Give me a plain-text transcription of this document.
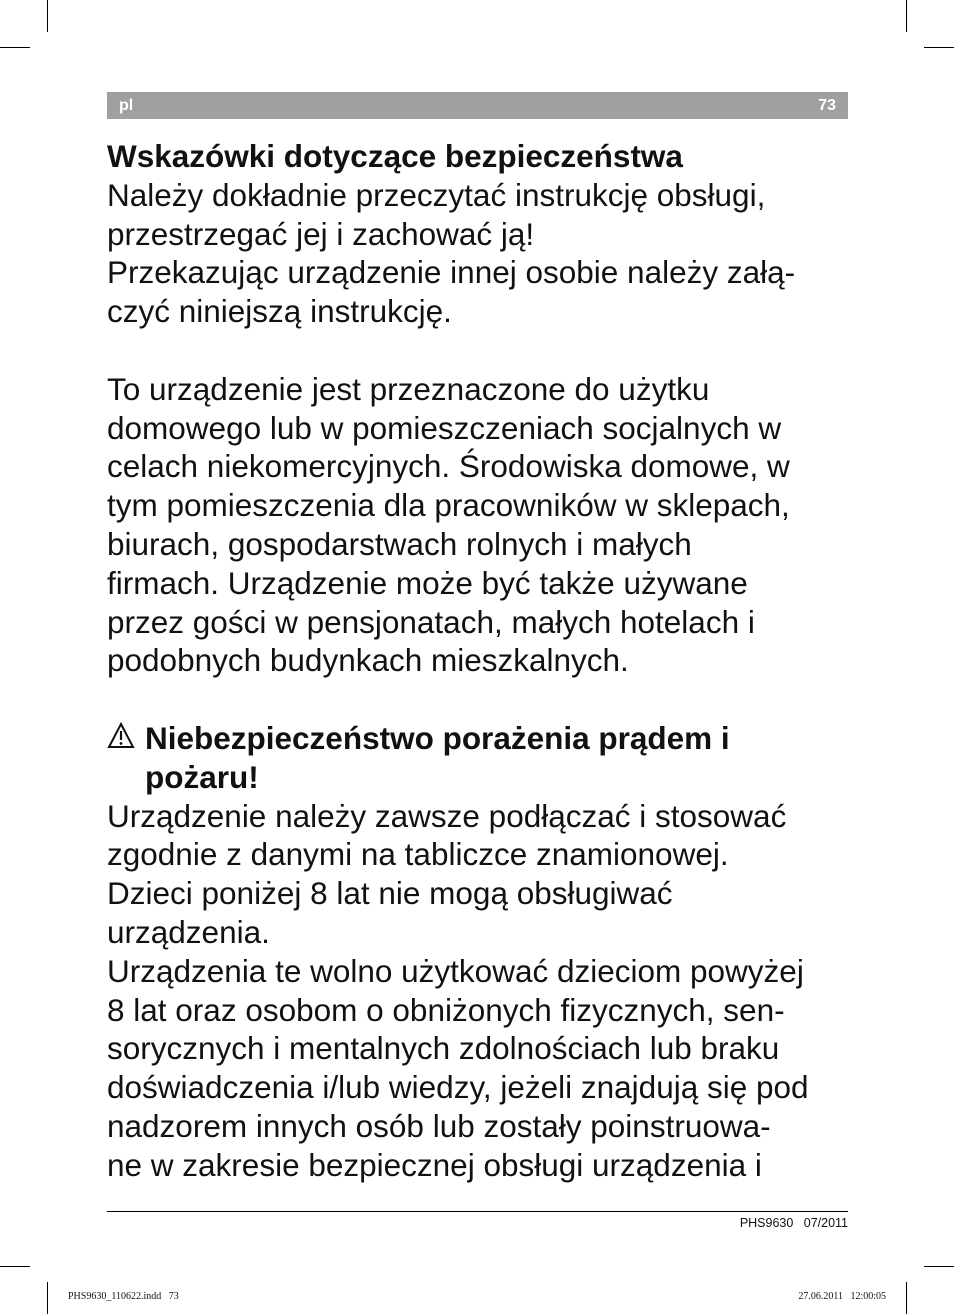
pl	73
Wskazówki dotyczące bezpieczeństwa
Należy dokładnie przeczytać instrukcję obsługi,
przestrzegać jej i zachować ją!
Przekazując urządzenie innej osobie należy załą-
czyć niniejszą instrukcję.
To urządzenie jest przeznaczone do użytku
domowego lub w pomieszczeniach socjalnych w
celach niekomercyjnych. Środowiska domowe, w
tym pomieszczenia dla pracowników w sklepach,
biurach, gospodarstwach rolnych i małych
firmach. Urządzenie może być także używane
przez gości w pensjonatach, małych hotelach i
podobnych budynkach mieszkalnych.
Niebezpieczeństwo porażenia prądem i
pożaru!
Urządzenie należy zawsze podłączać i stosować
zgodnie z danymi na tabliczce znamionowej.
Dzieci poniżej 8 lat nie mogą obsługiwać
urządzenia.
Urządzenia te wolno użytkować dzieciom powyżej
8 lat oraz osobom o obniżonych fizycznych, sen-
sorycznych i mentalnych zdolnościach lub braku
doświadczenia i/lub wiedzy, jeżeli znajdują się pod
nadzorem innych osób lub zostały poinstruowa-
ne w zakresie bezpiecznej obsługi urządzenia i
PHS9630   07/2011
PHS9630_110622.indd   73	27.06.2011   12:00:05
